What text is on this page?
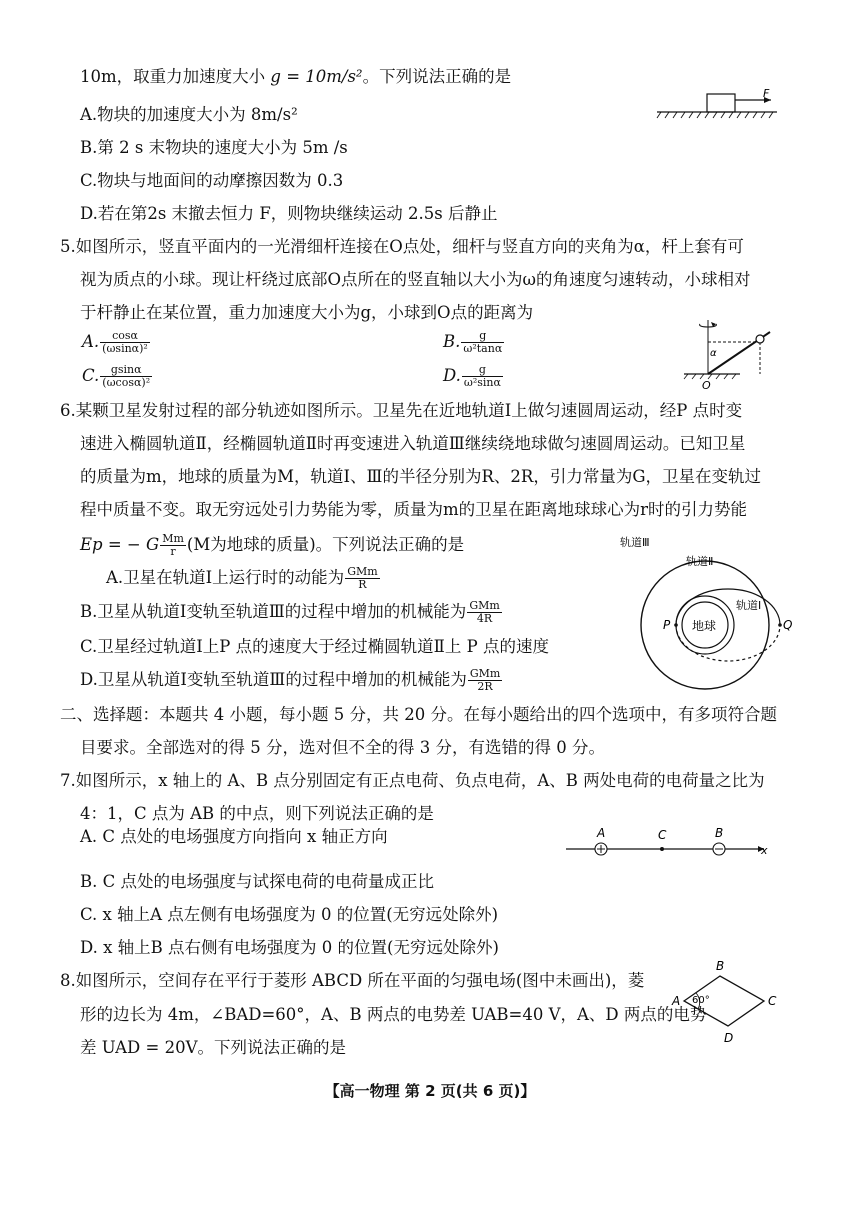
10m，取重力加速度大小 g = 10m/s²。下列说法正确的是
A.物块的加速度大小为 8m/s²
B.第 2 s 末物块的速度大小为 5m /s
C.物块与地面间的动摩擦因数为 0.3
D.若在第2s 末撤去恒力 F，则物块继续运动 2.5s 后静止
F
5.如图所示，竖直平面内的一光滑细杆连接在O点处，细杆与竖直方向的夹角为α，杆上套有可
视为质点的小球。现让杆绕过底部O点所在的竖直轴以大小为ω的角速度匀速转动，小球相对
于杆静止在某位置，重力加速度大小为g，小球到O点的距离为
A. $\frac{\cos\alpha}{\text{(ωsinα)²}}$	B. $\frac{g}{\text{ω²tanα}}$
C. $\frac{gsin\alpha}{\text{(ωcosα)²}}$	D. $\frac{g}{\text{ω²sinα}}$
α
O
6.某颗卫星发射过程的部分轨迹如图所示。卫星先在近地轨道Ⅰ上做匀速圆周运动，经P 点时变
速进入椭圆轨道Ⅱ，经椭圆轨道Ⅱ时再变速进入轨道Ⅲ继续绕地球做匀速圆周运动。已知卫星
的质量为m，地球的质量为M，轨道Ⅰ、Ⅲ的半径分别为R、2R，引力常量为G，卫星在变轨过
程中质量不变。取无穷远处引力势能为零，质量为m的卫星在距离地球球心为r时的引力势能
Ep = − G $\frac{Mm}{r} (M$为地球的质量)。下列说法正确的是
A.卫星在轨道Ⅰ上运行时的动能为 $\frac{\text{GMm}}{R}$
B.卫星从轨道Ⅰ变轨至轨道Ⅲ的过程中增加的机械能为 $\frac{\text{GMm}}{4R}$
C.卫星经过轨道Ⅰ上P 点的速度大于经过椭圆轨道Ⅱ上 P 点的速度
D.卫星从轨道Ⅰ变轨至轨道Ⅲ的过程中增加的机械能为 $\frac{\text{GMm}}{2R}$
轨道Ⅲ
轨道Ⅱ
轨道Ⅰ
地球
P	Q
二、选择题：本题共 4 小题，每小题 5 分，共 20 分。在每小题给出的四个选项中，有多项符合题
目要求。全部选对的得 5 分，选对但不全的得 3 分，有选错的得 0 分。
7.如图所示，x 轴上的 A、B 点分别固定有正点电荷、负点电荷，A、B 两处电荷的电荷量之比为
4：1，C 点为 AB 的中点，则下列说法正确的是
A. C 点处的电场强度方向指向 x 轴正方向
B. C 点处的电场强度与试探电荷的电荷量成正比
C. x 轴上A 点左侧有电场强度为 0 的位置(无穷远处除外)
D. x 轴上B 点右侧有电场强度为 0 的位置(无穷远处除外)
A	C	B
x
8.如图所示，空间存在平行于菱形 ABCD 所在平面的匀强电场(图中未画出)，菱
形的边长为 4m，∠BAD=60°，A、B 两点的电势差 UAB=40 V，A、D 两点的电势
差 UAD = 20V。下列说法正确的是
B
A	C
D
60°
【高一物理 第 2 页(共 6 页)】
